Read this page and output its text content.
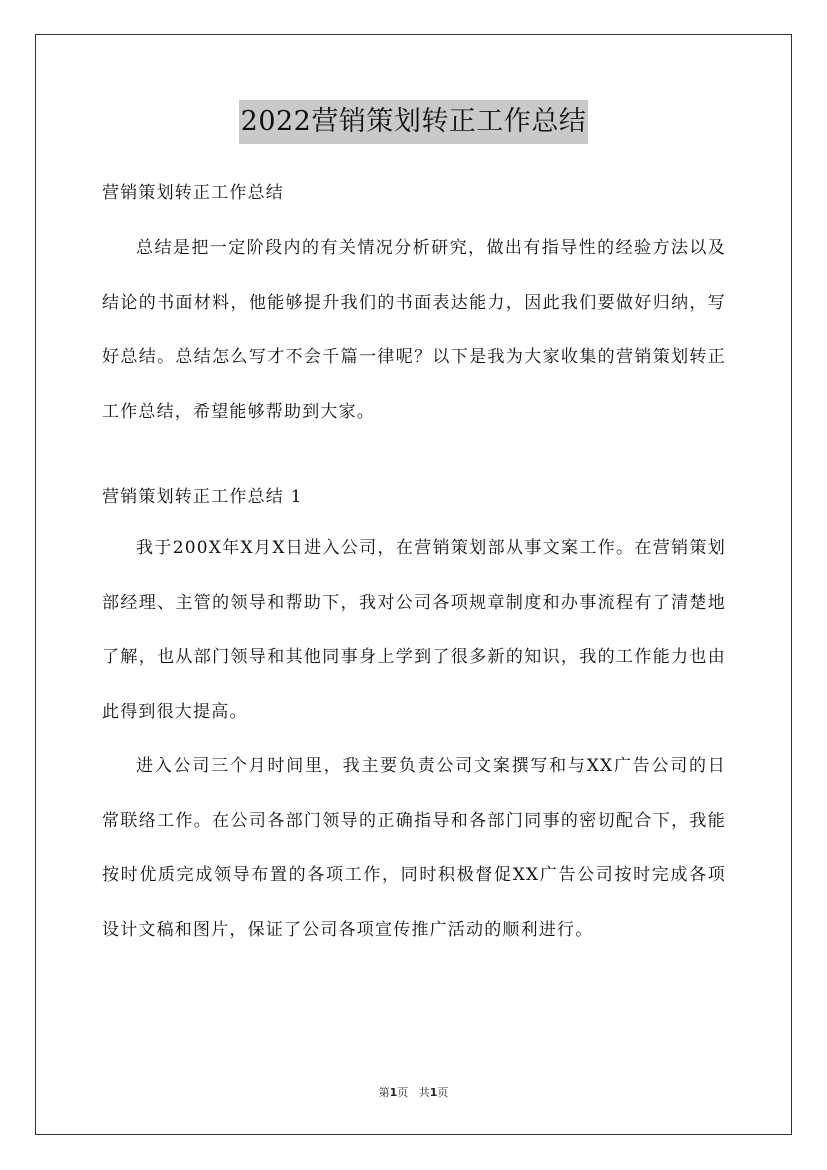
2022营销策划转正工作总结

营销策划转正工作总结

总结是把一定阶段内的有关情况分析研究，做出有指导性的经验方法以及结论的书面材料，他能够提升我们的书面表达能力，因此我们要做好归纳，写好总结。总结怎么写才不会千篇一律呢？以下是我为大家收集的营销策划转正工作总结，希望能够帮助到大家。

营销策划转正工作总结 1

我于200X年X月X日进入公司，在营销策划部从事文案工作。在营销策划部经理、主管的领导和帮助下，我对公司各项规章制度和办事流程有了清楚地了解，也从部门领导和其他同事身上学到了很多新的知识，我的工作能力也由此得到很大提高。

进入公司三个月时间里，我主要负责公司文案撰写和与XX广告公司的日常联络工作。在公司各部门领导的正确指导和各部门同事的密切配合下，我能按时优质完成领导布置的各项工作，同时积极督促XX广告公司按时完成各项设计文稿和图片，保证了公司各项宣传推广活动的顺利进行。

第1页 共1页
